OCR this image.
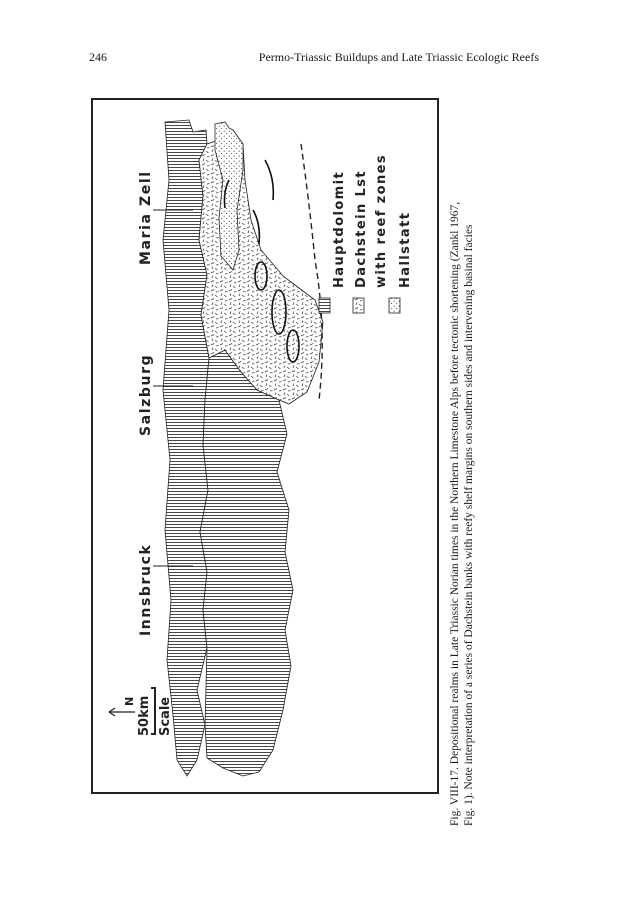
246	Permo-Triassic Buildups and Late Triassic Ecologic Reefs
Innsbruck
Salzburg
Maria Zell	Hauptdolomit Dachstein Lst with reef zones Hallstatt
50km Scale
N	Fig. VIII-17. Depositional realms in Late Triassic Norian times in the Northern Limestone Alps before tectonic shortening (Zankl 1967, Fig. 1). Note interpretation of a series of Dachstein banks with reefy shelf margins on southern sides and intervening basinal facies
